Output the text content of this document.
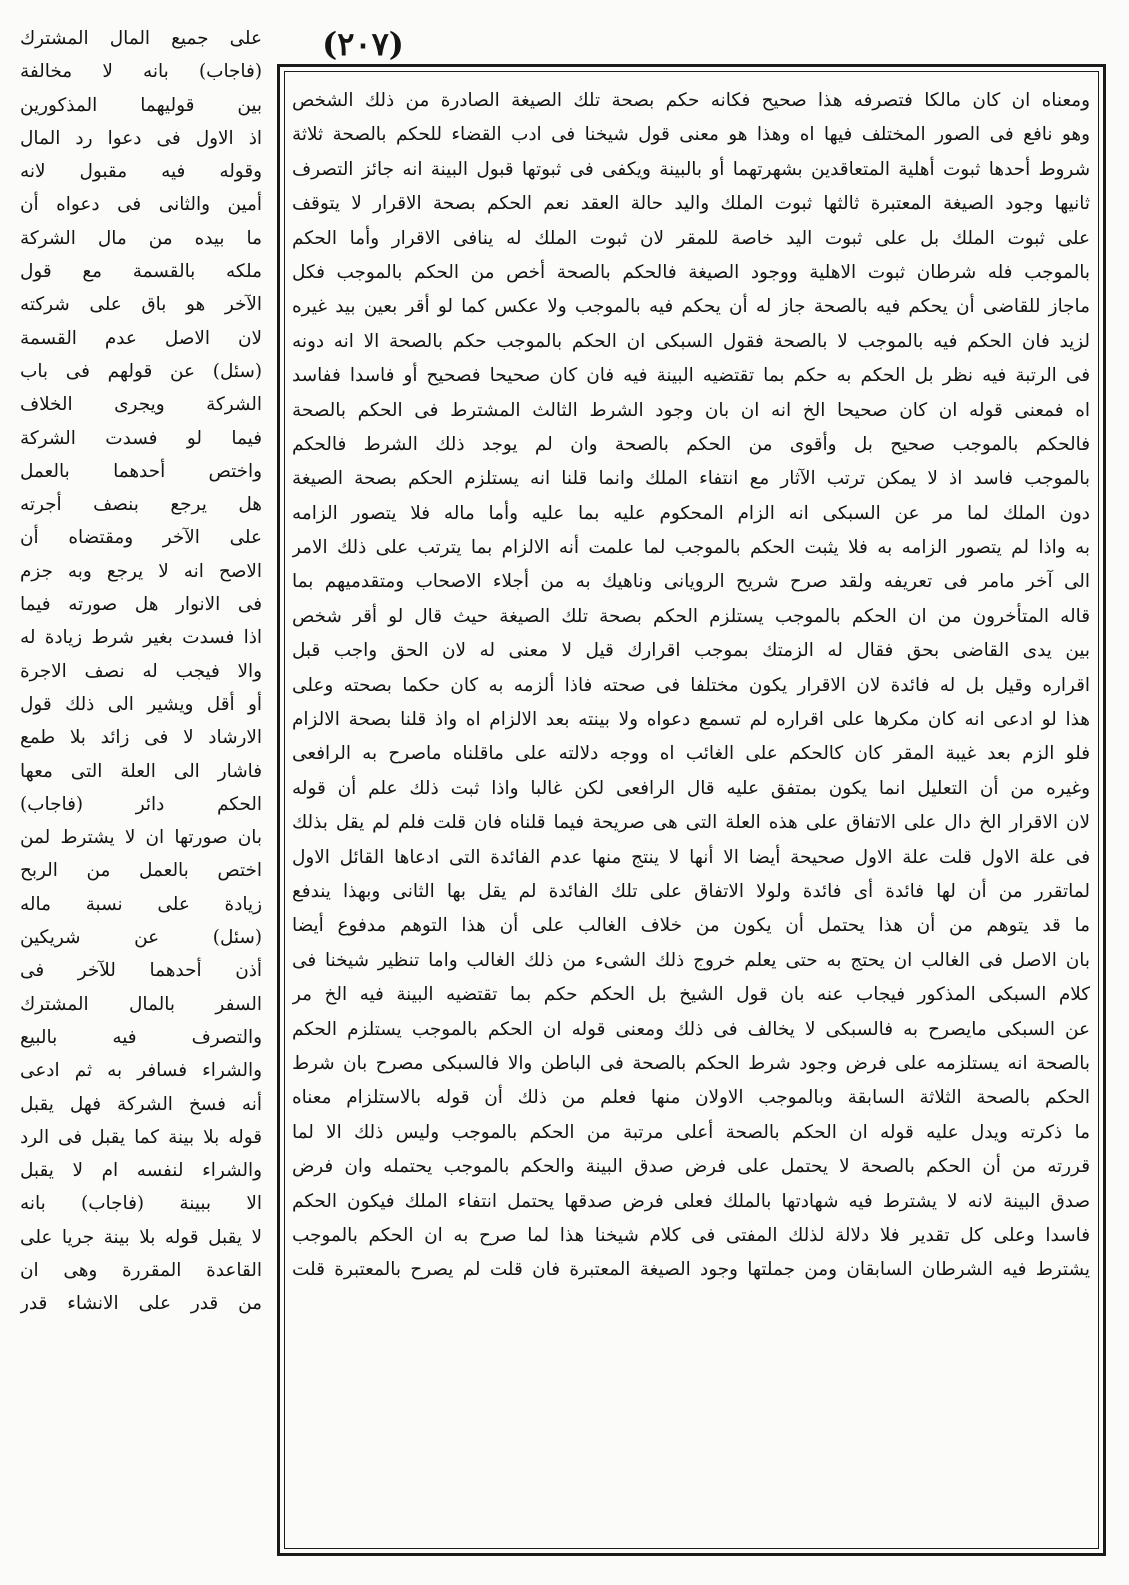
(٢٠٧)
ومعناه ان كان مالكا فتصرفه هذا صحيح فكانه حكم بصحة تلك الصيغة الصادرة من ذلك الشخص
وهو نافع فى الصور المختلف فيها اه وهذا هو معنى قول شيخنا فى ادب القضاء للحكم بالصحة ثلاثة
شروط أحدها ثبوت أهلية المتعاقدين بشهرتهما أو بالبينة ويكفى فى ثبوتها قبول البينة انه جائز التصرف
ثانيها وجود الصيغة المعتبرة ثالثها ثبوت الملك واليد حالة العقد نعم الحكم بصحة الاقرار لا يتوقف
على ثبوت الملك بل على ثبوت اليد خاصة للمقر لان ثبوت الملك له ينافى الاقرار وأما الحكم
بالموجب فله شرطان ثبوت الاهلية ووجود الصيغة فالحكم بالصحة أخص من الحكم بالموجب فكل
ماجاز للقاضى أن يحكم فيه بالصحة جاز له أن يحكم فيه بالموجب ولا عكس كما لو أقر بعين بيد غيره
لزيد فان الحكم فيه بالموجب لا بالصحة فقول السبكى ان الحكم بالموجب حكم بالصحة الا انه دونه
فى الرتبة فيه نظر بل الحكم به حكم بما تقتضيه البينة فيه فان كان صحيحا فصحيح أو فاسدا ففاسد
اه فمعنى قوله ان كان صحيحا الخ انه ان بان وجود الشرط الثالث المشترط فى الحكم بالصحة
فالحكم بالموجب صحيح بل وأقوى من الحكم بالصحة وان لم يوجد ذلك الشرط فالحكم
بالموجب فاسد اذ لا يمكن ترتب الآثار مع انتفاء الملك وانما قلنا انه يستلزم الحكم بصحة الصيغة
دون الملك لما مر عن السبكى انه الزام المحكوم عليه بما عليه وأما ماله فلا يتصور الزامه
به واذا لم يتصور الزامه به فلا يثبت الحكم بالموجب لما علمت أنه الالزام بما يترتب على ذلك الامر
الى آخر مامر فى تعريفه ولقد صرح شريح الرويانى وناهيك به من أجلاء الاصحاب ومتقدميهم بما
قاله المتأخرون من ان الحكم بالموجب يستلزم الحكم بصحة تلك الصيغة حيث قال لو أقر شخص
بين يدى القاضى بحق فقال له الزمتك بموجب اقرارك قيل لا معنى له لان الحق واجب قبل
اقراره وقيل بل له فائدة لان الاقرار يكون مختلفا فى صحته فاذا ألزمه به كان حكما بصحته وعلى
هذا لو ادعى انه كان مكرها على اقراره لم تسمع دعواه ولا بينته بعد الالزام اه واذ قلنا بصحة الالزام
فلو الزم بعد غيبة المقر كان كالحكم على الغائب اه ووجه دلالته على ماقلناه ماصرح به الرافعى
وغيره من أن التعليل انما يكون بمتفق عليه قال الرافعى لكن غالبا واذا ثبت ذلك علم أن قوله
لان الاقرار الخ دال على الاتفاق على هذه العلة التى هى صريحة فيما قلناه فان قلت فلم لم يقل بذلك
فى علة الاول قلت علة الاول صحيحة أيضا الا أنها لا ينتج منها عدم الفائدة التى ادعاها القائل الاول
لماتقرر من أن لها فائدة أى فائدة ولولا الاتفاق على تلك الفائدة لم يقل بها الثانى وبهذا يندفع
ما قد يتوهم من أن هذا يحتمل أن يكون من خلاف الغالب على أن هذا التوهم مدفوع أيضا
بان الاصل فى الغالب ان يحتج به حتى يعلم خروج ذلك الشىء من ذلك الغالب واما تنظير شيخنا فى
كلام السبكى المذكور فيجاب عنه بان قول الشيخ بل الحكم حكم بما تقتضيه البينة فيه الخ مر
عن السبكى مايصرح به فالسبكى لا يخالف فى ذلك ومعنى قوله ان الحكم بالموجب يستلزم الحكم
بالصحة انه يستلزمه على فرض وجود شرط الحكم بالصحة فى الباطن والا فالسبكى مصرح بان شرط
الحكم بالصحة الثلاثة السابقة وبالموجب الاولان منها فعلم من ذلك أن قوله بالاستلزام معناه
ما ذكرته ويدل عليه قوله ان الحكم بالصحة أعلى مرتبة من الحكم بالموجب وليس ذلك الا لما
قررته من أن الحكم بالصحة لا يحتمل على فرض صدق البينة والحكم بالموجب يحتمله وان فرض
صدق البينة لانه لا يشترط فيه شهادتها بالملك فعلى فرض صدقها يحتمل انتفاء الملك فيكون الحكم
فاسدا وعلى كل تقدير فلا دلالة لذلك المفتى فى كلام شيخنا هذا لما صرح به ان الحكم بالموجب
يشترط فيه الشرطان السابقان ومن جملتها وجود الصيغة المعتبرة فان قلت لم يصرح بالمعتبرة قلت
على جميع المال المشترك
(فاجاب) بانه لا مخالفة
بين قوليهما المذكورين
اذ الاول فى دعوا رد المال
وقوله فيه مقبول لانه
أمين والثانى فى دعواه أن
ما بيده من مال الشركة
ملكه بالقسمة مع قول
الآخر هو باق على شركته
لان الاصل عدم القسمة
(سئل) عن قولهم فى باب
الشركة ويجرى الخلاف
فيما لو فسدت الشركة
واختص أحدهما بالعمل
هل يرجع بنصف أجرته
على الآخر ومقتضاه أن
الاصح انه لا يرجع وبه جزم
فى الانوار هل صورته فيما
اذا فسدت بغير شرط زيادة له
والا فيجب له نصف الاجرة
أو أقل ويشير الى ذلك قول
الارشاد لا فى زائد بلا طمع
فاشار الى العلة التى معها
الحكم دائر (فاجاب)
بان صورتها ان لا يشترط لمن
اختص بالعمل من الربح
زيادة على نسبة ماله
(سئل) عن شريكين
أذن أحدهما للآخر فى
السفر بالمال المشترك
والتصرف فيه بالبيع
والشراء فسافر به ثم ادعى
أنه فسخ الشركة فهل يقبل
قوله بلا بينة كما يقبل فى الرد
والشراء لنفسه ام لا يقبل
الا ببينة (فاجاب) بانه
لا يقبل قوله بلا بينة جريا على
القاعدة المقررة وهى ان
من قدر على الانشاء قدر
